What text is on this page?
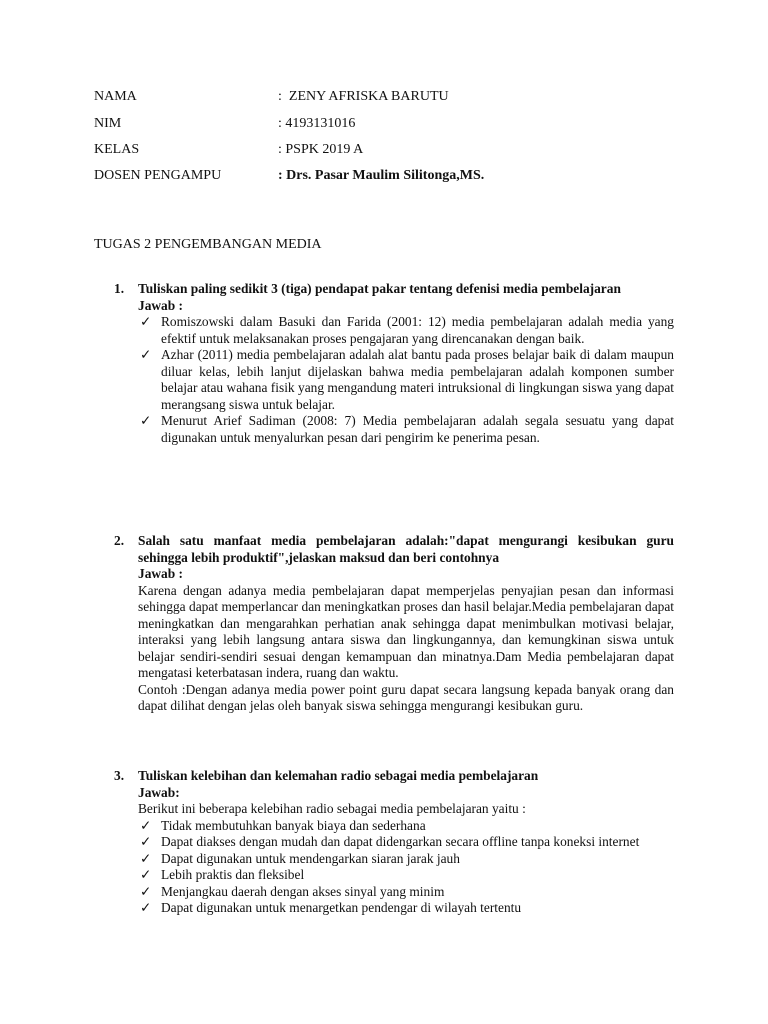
NAMA	:  ZENY AFRISKA BARUTU
NIM	: 4193131016
KELAS	: PSPK 2019 A
DOSEN PENGAMPU	: Drs. Pasar Maulim Silitonga,MS.
TUGAS 2 PENGEMBANGAN MEDIA
1. Tuliskan paling sedikit 3 (tiga) pendapat pakar tentang defenisi media pembelajaran
Jawab :
✓ Romiszowski dalam Basuki dan Farida (2001: 12) media pembelajaran adalah media yang efektif untuk melaksanakan proses pengajaran yang direncanakan dengan baik.
✓ Azhar (2011) media pembelajaran adalah alat bantu pada proses belajar baik di dalam maupun diluar kelas, lebih lanjut dijelaskan bahwa media pembelajaran adalah komponen sumber belajar atau wahana fisik yang mengandung materi intruksional di lingkungan siswa yang dapat merangsang siswa untuk belajar.
✓ Menurut Arief Sadiman (2008: 7) Media pembelajaran adalah segala sesuatu yang dapat digunakan untuk menyalurkan pesan dari pengirim ke penerima pesan.
2. Salah satu manfaat media pembelajaran adalah:"dapat mengurangi kesibukan guru sehingga lebih produktif",jelaskan maksud dan beri contohnya
Jawab :
Karena dengan adanya media pembelajaran dapat memperjelas penyajian pesan dan informasi sehingga dapat memperlancar dan meningkatkan proses dan hasil belajar.Media pembelajaran dapat meningkatkan dan mengarahkan perhatian anak sehingga dapat menimbulkan motivasi belajar, interaksi yang lebih langsung antara siswa dan lingkungannya, dan kemungkinan siswa untuk belajar sendiri-sendiri sesuai dengan kemampuan dan minatnya.Dam Media pembelajaran dapat mengatasi keterbatasan indera, ruang dan waktu.
Contoh :Dengan adanya media power point guru dapat secara langsung kepada banyak orang dan dapat dilihat dengan jelas oleh banyak siswa sehingga mengurangi kesibukan guru.
3. Tuliskan kelebihan dan kelemahan radio sebagai media pembelajaran
Jawab:
Berikut ini beberapa kelebihan radio sebagai media pembelajaran yaitu :
✓ Tidak membutuhkan banyak biaya dan sederhana
✓ Dapat diakses dengan mudah dan dapat didengarkan secara offline tanpa koneksi internet
✓ Dapat digunakan untuk mendengarkan siaran jarak jauh
✓ Lebih praktis dan fleksibel
✓ Menjangkau daerah dengan akses sinyal yang minim
✓ Dapat digunakan untuk menargetkan pendengar di wilayah tertentu
